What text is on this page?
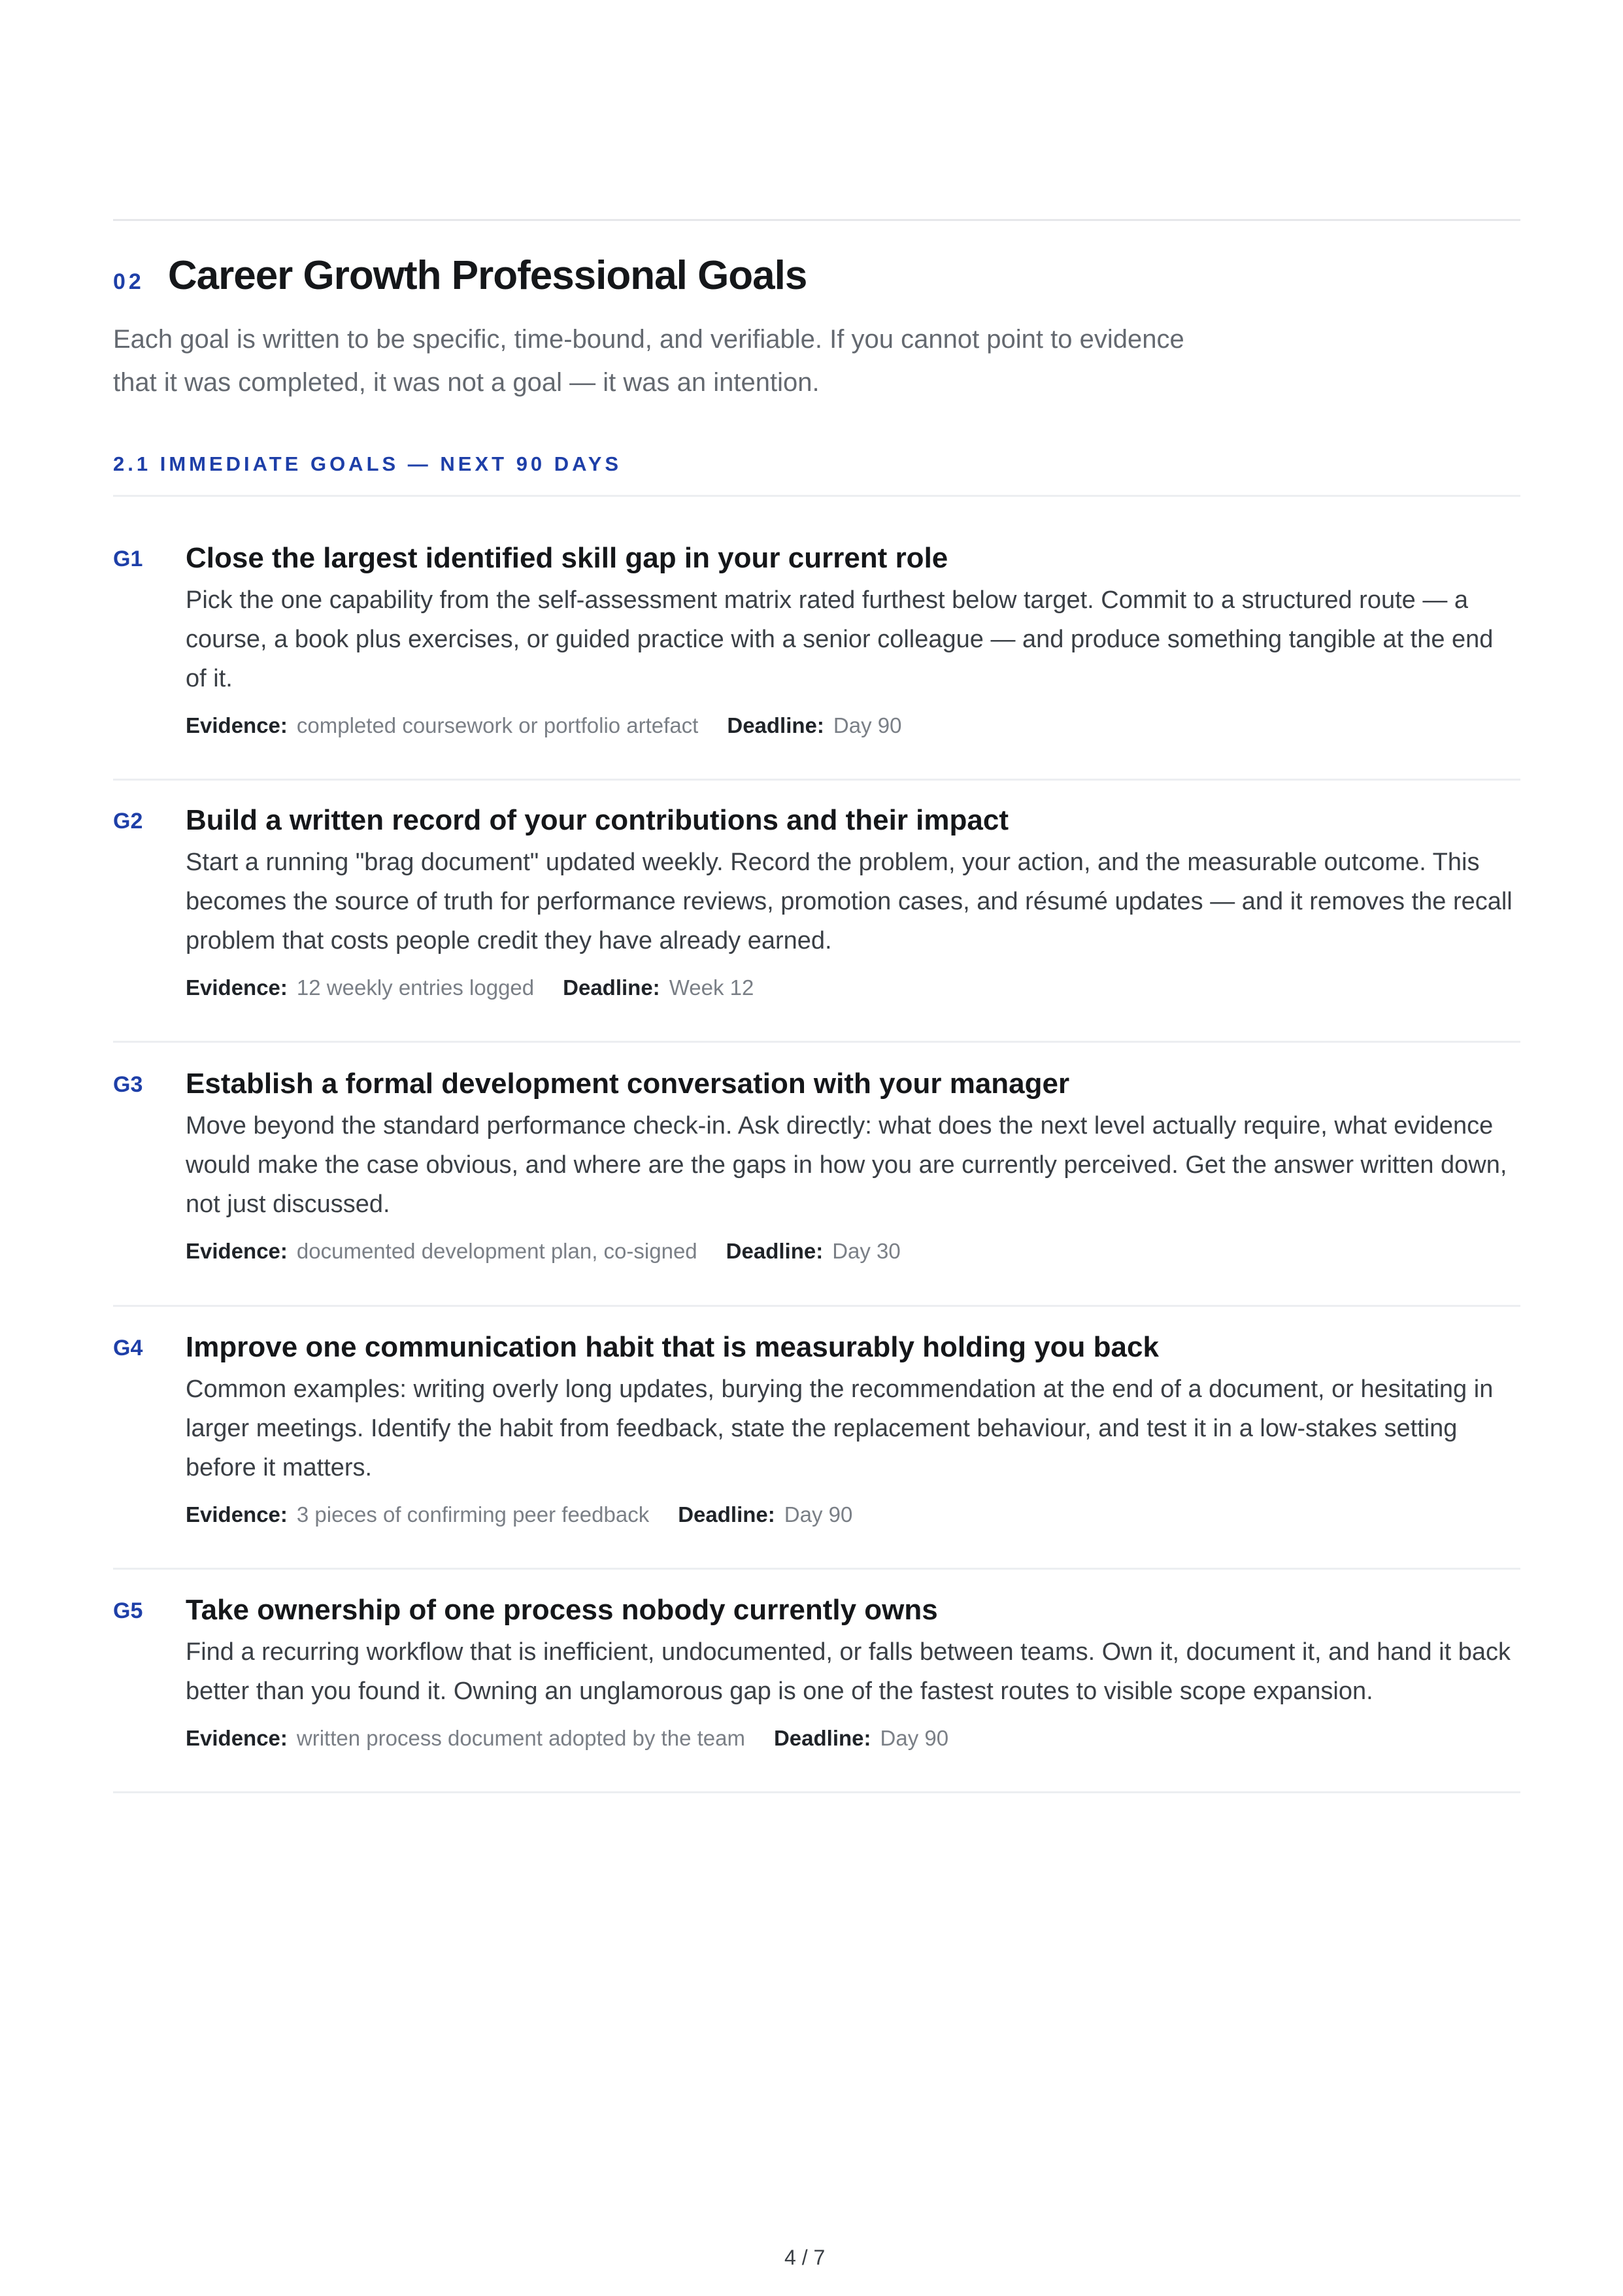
02 Career Growth Professional Goals
Each goal is written to be specific, time-bound, and verifiable. If you cannot point to evidence
that it was completed, it was not a goal — it was an intention.
2.1 IMMEDIATE GOALS — NEXT 90 DAYS
G1 Close the largest identified skill gap in your current role
Pick the one capability from the self-assessment matrix rated furthest below target. Commit to a structured route — a course, a book plus exercises, or guided practice with a senior colleague — and produce something tangible at the end of it.
Evidence: completed coursework or portfolio artefact Deadline: Day 90
G2 Build a written record of your contributions and their impact
Start a running "brag document" updated weekly. Record the problem, your action, and the measurable outcome. This becomes the source of truth for performance reviews, promotion cases, and résumé updates — and it removes the recall problem that costs people credit they have already earned.
Evidence: 12 weekly entries logged Deadline: Week 12
G3 Establish a formal development conversation with your manager
Move beyond the standard performance check-in. Ask directly: what does the next level actually require, what evidence would make the case obvious, and where are the gaps in how you are currently perceived. Get the answer written down, not just discussed.
Evidence: documented development plan, co-signed Deadline: Day 30
G4 Improve one communication habit that is measurably holding you back
Common examples: writing overly long updates, burying the recommendation at the end of a document, or hesitating in larger meetings. Identify the habit from feedback, state the replacement behaviour, and test it in a low-stakes setting before it matters.
Evidence: 3 pieces of confirming peer feedback Deadline: Day 90
G5 Take ownership of one process nobody currently owns
Find a recurring workflow that is inefficient, undocumented, or falls between teams. Own it, document it, and hand it back better than you found it. Owning an unglamorous gap is one of the fastest routes to visible scope expansion.
Evidence: written process document adopted by the team Deadline: Day 90
4 / 7
